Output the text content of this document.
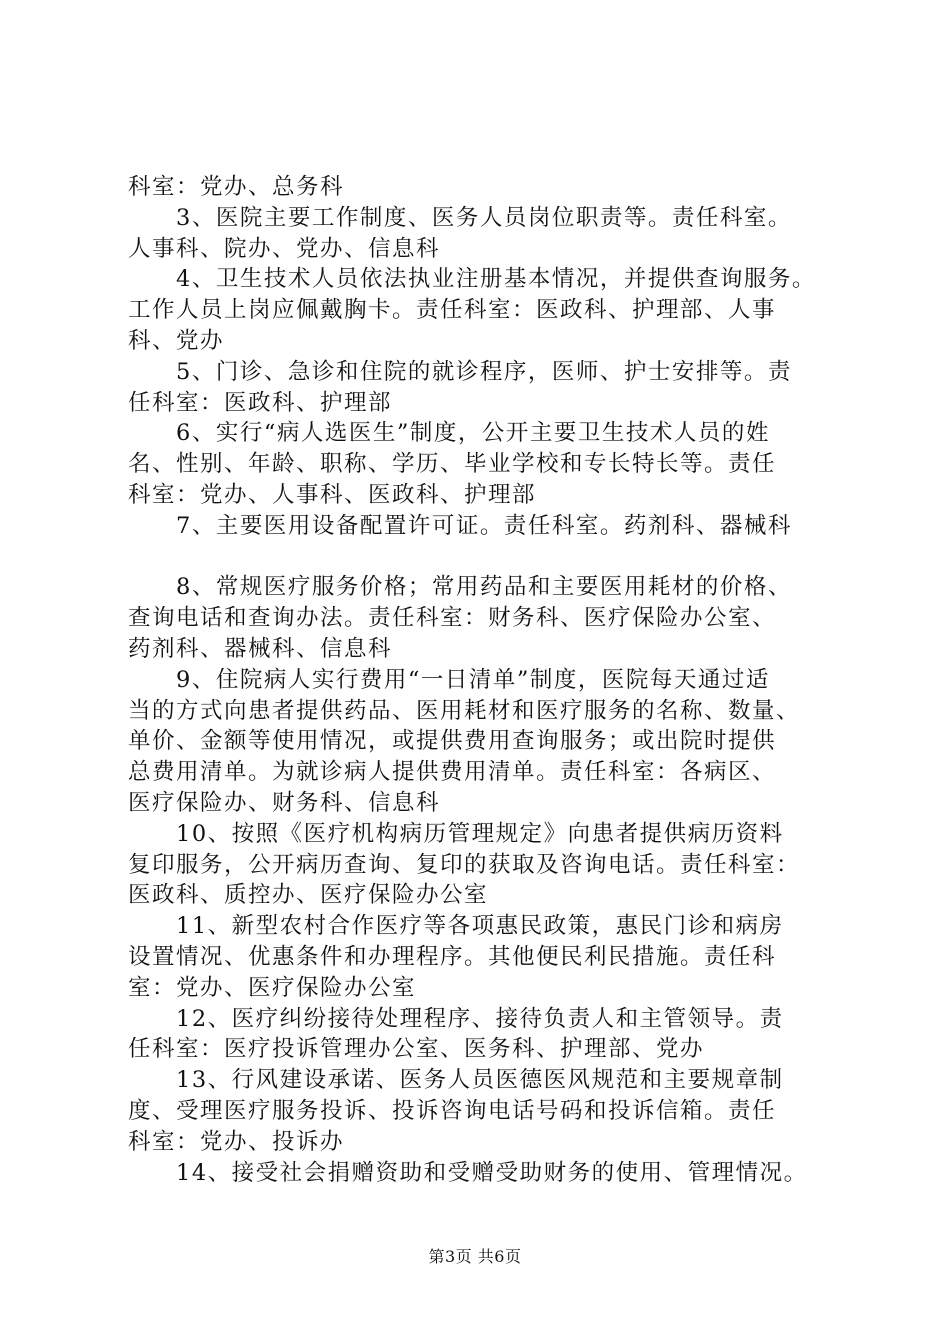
科室：党办、总务科
3、医院主要工作制度、医务人员岗位职责等。责任科室。
人事科、院办、党办、信息科
4、卫生技术人员依法执业注册基本情况，并提供查询服务。
工作人员上岗应佩戴胸卡。责任科室：医政科、护理部、人事
科、党办
5、门诊、急诊和住院的就诊程序，医师、护士安排等。责
任科室：医政科、护理部
6、实行“病人选医生”制度，公开主要卫生技术人员的姓
名、性别、年龄、职称、学历、毕业学校和专长特长等。责任
科室：党办、人事科、医政科、护理部
7、主要医用设备配置许可证。责任科室。药剂科、器械科
8、常规医疗服务价格；常用药品和主要医用耗材的价格、
查询电话和查询办法。责任科室：财务科、医疗保险办公室、
药剂科、器械科、信息科
9、住院病人实行费用“一日清单”制度，医院每天通过适
当的方式向患者提供药品、医用耗材和医疗服务的名称、数量、
单价、金额等使用情况，或提供费用查询服务；或出院时提供
总费用清单。为就诊病人提供费用清单。责任科室：各病区、
医疗保险办、财务科、信息科
10、按照《医疗机构病历管理规定》向患者提供病历资料
复印服务，公开病历查询、复印的获取及咨询电话。责任科室：
医政科、质控办、医疗保险办公室
11、新型农村合作医疗等各项惠民政策，惠民门诊和病房
设置情况、优惠条件和办理程序。其他便民利民措施。责任科
室：党办、医疗保险办公室
12、医疗纠纷接待处理程序、接待负责人和主管领导。责
任科室：医疗投诉管理办公室、医务科、护理部、党办
13、行风建设承诺、医务人员医德医风规范和主要规章制
度、受理医疗服务投诉、投诉咨询电话号码和投诉信箱。责任
科室：党办、投诉办
14、接受社会捐赠资助和受赠受助财务的使用、管理情况。
第3页 共6页
